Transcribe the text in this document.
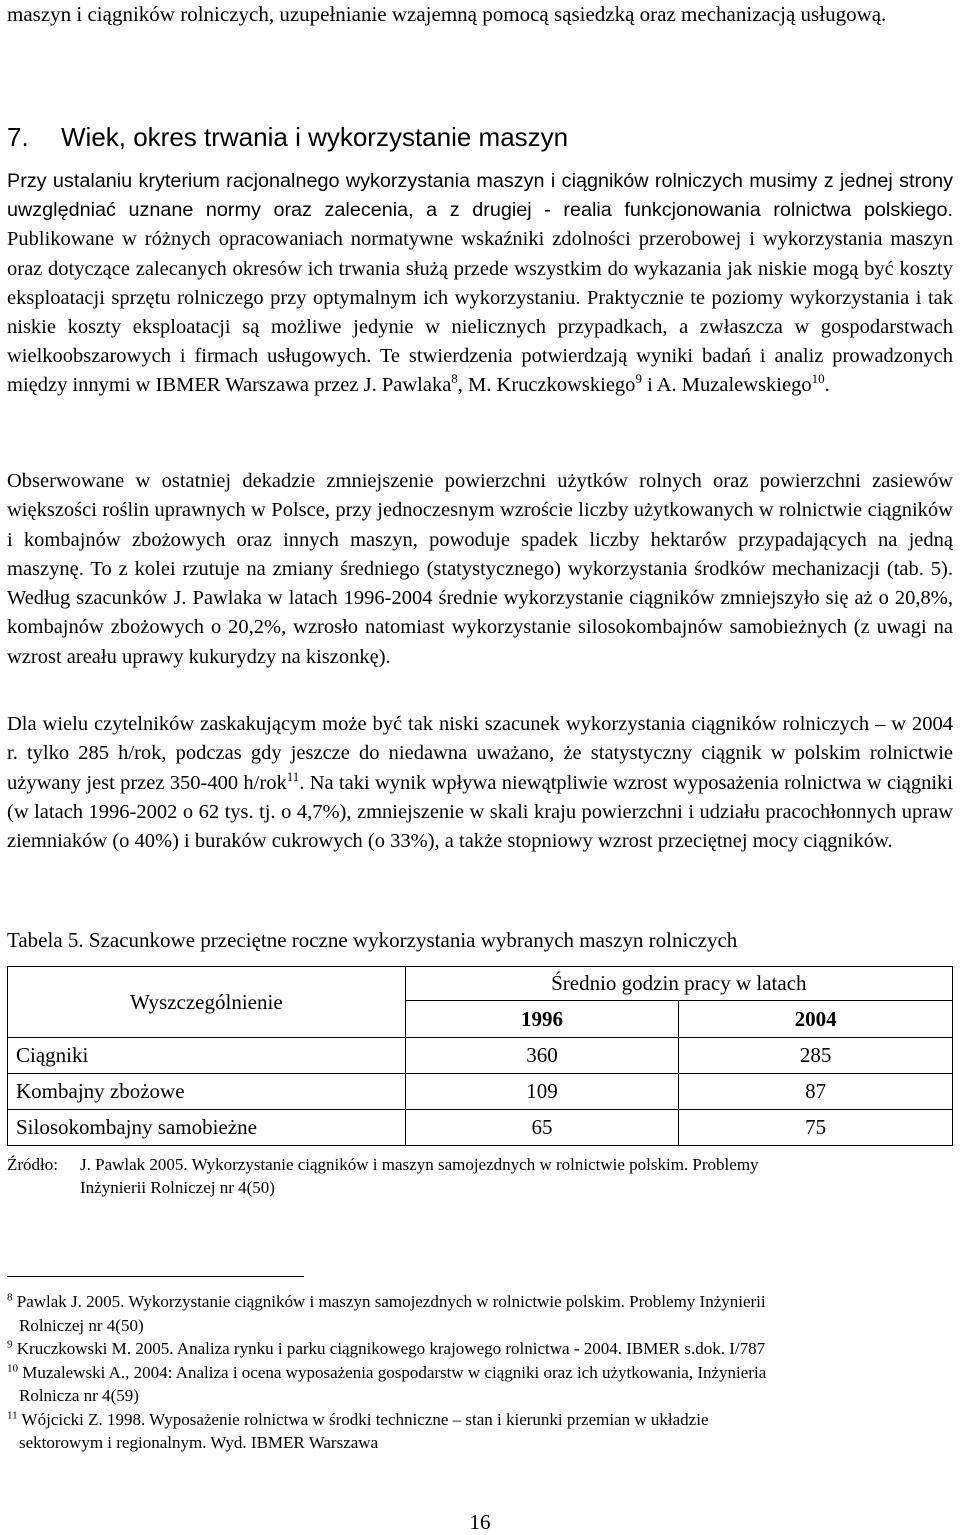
maszyn i ciągników rolniczych, uzupełnianie wzajemną pomocą sąsiedzką oraz mechanizacją usługową.

7. Wiek, okres trwania i wykorzystanie maszyn
Przy ustalaniu kryterium racjonalnego wykorzystania maszyn i ciągników rolniczych musimy z jednej strony uwzględniać uznane normy oraz zalecenia, a z drugiej - realia funkcjonowania rolnictwa polskiego. Publikowane w różnych opracowaniach normatywne wskaźniki zdolności przerobowej i wykorzystania maszyn oraz dotyczące zalecanych okresów ich trwania służą przede wszystkim do wykazania jak niskie mogą być koszty eksploatacji sprzętu rolniczego przy optymalnym ich wykorzystaniu. Praktycznie te poziomy wykorzystania i tak niskie koszty eksploatacji są możliwe jedynie w nielicznych przypadkach, a zwłaszcza w gospodarstwach wielkoobszarowych i firmach usługowych. Te stwierdzenia potwierdzają wyniki badań i analiz prowadzonych między innymi w IBMER Warszawa przez J. Pawlaka$^8$, M. Kruczkowskiego$^9$ i A. Muzalewskiego$^{10}$.
Obserwowane w ostatniej dekadzie zmniejszenie powierzchni użytków rolnych oraz powierzchni zasiewów większości roślin uprawnych w Polsce, przy jednoczesnym wzroście liczby użytkowanych w rolnictwie ciągników i kombajnów zbożowych oraz innych maszyn, powoduje spadek liczby hektarów przypadających na jedną maszynę. To z kolei rzutuje na zmiany średniego (statystycznego) wykorzystania środków mechanizacji (tab. 5). Według szacunków J. Pawlaka w latach 1996-2004 średnie wykorzystanie ciągników zmniejszyło się aż o 20,8%, kombajnów zbożowych o 20,2%, wzrosło natomiast wykorzystanie silosokombajnów samobieżnych (z uwagi na wzrost areału uprawy kukurydzy na kiszonkę).
Dla wielu czytelników zaskakującym może być tak niski szacunek wykorzystania ciągników rolniczych – w 2004 r. tylko 285 h/rok, podczas gdy jeszcze do niedawna uważano, że statystyczny ciągnik w polskim rolnictwie używany jest przez 350-400 h/rok$^{11}$. Na taki wynik wpływa niewątpliwie wzrost wyposażenia rolnictwa w ciągniki (w latach 1996-2002 o 62 tys. tj. o 4,7%), zmniejszenie w skali kraju powierzchni i udziału pracochłonnych upraw ziemniaków (o 40%) i buraków cukrowych (o 33%), a także stopniowy wzrost przeciętnej mocy ciągników.
Tabela 5. Szacunkowe przeciętne roczne wykorzystania wybranych maszyn rolniczych
Wyszczególnienie	Średnio godzin pracy w latach	
	1996	2004
Ciągniki	360	285
Kombajny zbożowe	109	87
Silosokombajny samobieżne	65	75
Źródło: J. Pawlak 2005. Wykorzystanie ciągników i maszyn samojezdnych w rolnictwie polskim. Problemy
Inżynierii Rolniczej nr 4(50)
$^8$ Pawlak J. 2005. Wykorzystanie ciągników i maszyn samojezdnych w rolnictwie polskim. Problemy Inżynierii
Rolniczej nr 4(50)
$^9$ Kruczkowski M. 2005. Analiza rynku i parku ciągnikowego krajowego rolnictwa - 2004. IBMER s.dok. I/787
$^{10}$ Muzalewski A., 2004: Analiza i ocena wyposażenia gospodarstw w ciągniki oraz ich użytkowania, Inżynieria
Rolnicza nr 4(59)
$^{11}$ Wójcicki Z. 1998. Wyposażenie rolnictwa w środki techniczne – stan i kierunki przemian w układzie
sektorowym i regionalnym. Wyd. IBMER Warszawa
16
